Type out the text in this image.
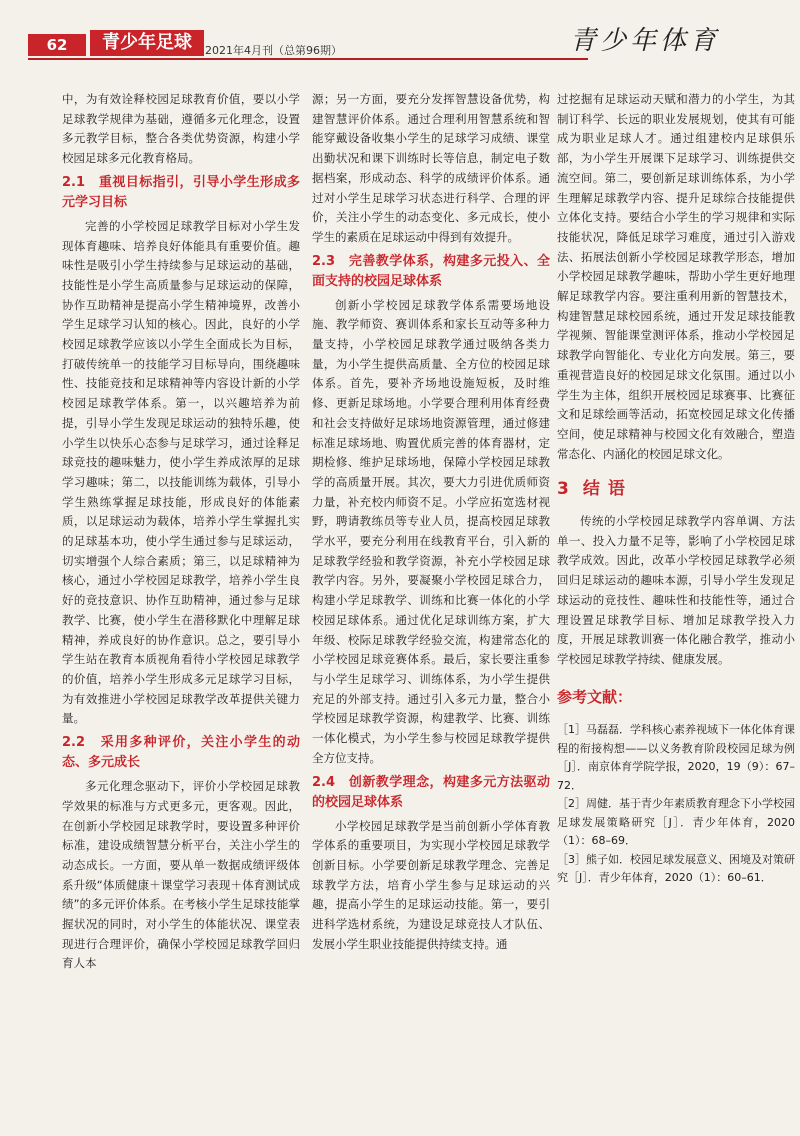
62	青少年足球	2021年4月刊（总第96期）	青少年体育

中，为有效诠释校园足球教育价值，要以小学足球教学规律为基础，遵循多元化理念，设置多元教学目标，整合各类优势资源，构建小学校园足球多元化教育格局。

2.1　重视目标指引，引导小学生形成多元学习目标

完善的小学校园足球教学目标对小学生发现体育趣味、培养良好体能具有重要价值。趣味性是吸引小学生持续参与足球运动的基础，技能性是小学生高质量参与足球运动的保障，协作互助精神是提高小学生精神境界，改善小学生足球学习认知的核心。因此，良好的小学校园足球教学应该以小学生全面成长为目标，打破传统单一的技能学习目标导向，围绕趣味性、技能竞技和足球精神等内容设计新的小学校园足球教学体系。第一，以兴趣培养为前提，引导小学生发现足球运动的独特乐趣，使小学生以快乐心态参与足球学习，通过诠释足球竞技的趣味魅力，使小学生养成浓厚的足球学习趣味；第二，以技能训练为载体，引导小学生熟练掌握足球技能，形成良好的体能素质，以足球运动为载体，培养小学生掌握扎实的足球基本功，使小学生通过参与足球运动，切实增强个人综合素质；第三，以足球精神为核心，通过小学校园足球教学，培养小学生良好的竞技意识、协作互助精神，通过参与足球教学、比赛，使小学生在潜移默化中理解足球精神，养成良好的协作意识。总之，要引导小学生站在教育本质视角看待小学校园足球教学的价值，培养小学生形成多元足球学习目标，为有效推进小学校园足球教学改革提供关键力量。

2.2　采用多种评价，关注小学生的动态、多元成长

多元化理念驱动下，评价小学校园足球教学效果的标准与方式更多元，更客观。因此，在创新小学校园足球教学时，要设置多种评价标准，建设成绩智慧分析平台，关注小学生的动态成长。一方面，要从单一数据成绩评级体系升级“体质健康＋课堂学习表现＋体育测试成绩”的多元评价体系。在考核小学生足球技能掌握状况的同时，对小学生的体能状况、课堂表现进行合理评价，确保小学校园足球教学回归育人本

源；另一方面，要充分发挥智慧设备优势，构建智慧评价体系。通过合理利用智慧系统和智能穿戴设备收集小学生的足球学习成绩、课堂出勤状况和课下训练时长等信息，制定电子数据档案，形成动态、科学的成绩评价体系。通过对小学生足球学习状态进行科学、合理的评价，关注小学生的动态变化、多元成长，使小学生的素质在足球运动中得到有效提升。

2.3　完善教学体系，构建多元投入、全面支持的校园足球体系

创新小学校园足球教学体系需要场地设施、教学师资、赛训体系和家长互动等多种力量支持，小学校园足球教学通过吸纳各类力量，为小学生提供高质量、全方位的校园足球体系。首先，要补齐场地设施短板，及时维修、更新足球场地。小学要合理利用体育经费和社会支持做好足球场地资源管理，通过修建标准足球场地、购置优质完善的体育器材，定期检修、维护足球场地，保障小学校园足球教学的高质量开展。其次，要大力引进优质师资力量，补充校内师资不足。小学应拓宽选材视野，聘请教练员等专业人员，提高校园足球教学水平，要充分利用在线教育平台，引入新的足球教学经验和教学资源，补充小学校园足球教学内容。另外，要凝聚小学校园足球合力，构建小学足球教学、训练和比赛一体化的小学校园足球体系。通过优化足球训练方案，扩大年级、校际足球教学经验交流，构建常态化的小学校园足球竞赛体系。最后，家长要注重参与小学生足球学习、训练体系，为小学生提供充足的外部支持。通过引入多元力量，整合小学校园足球教学资源，构建教学、比赛、训练一体化模式，为小学生参与校园足球教学提供全方位支持。

2.4　创新教学理念，构建多元方法驱动的校园足球体系

小学校园足球教学是当前创新小学体育教学体系的重要项目，为实现小学校园足球教学创新目标。小学要创新足球教学理念、完善足球教学方法，培育小学生参与足球运动的兴趣，提高小学生的足球运动技能。第一，要引进科学选材系统，为建设足球竞技人才队伍、发展小学生职业技能提供持续支持。通

过挖掘有足球运动天赋和潜力的小学生，为其制订科学、长远的职业发展规划，使其有可能成为职业足球人才。通过组建校内足球俱乐部，为小学生开展课下足球学习、训练提供交流空间。第二，要创新足球训练体系，为小学生理解足球教学内容、提升足球综合技能提供立体化支持。要结合小学生的学习规律和实际技能状况，降低足球学习难度，通过引入游戏法、拓展法创新小学校园足球教学形态，增加小学校园足球教学趣味，帮助小学生更好地理解足球教学内容。要注重利用新的智慧技术，构建智慧足球校园系统，通过开发足球技能教学视频、智能课堂测评体系，推动小学校园足球教学向智能化、专业化方向发展。第三，要重视营造良好的校园足球文化氛围。通过以小学生为主体，组织开展校园足球赛事、比赛征文和足球绘画等活动，拓宽校园足球文化传播空间，使足球精神与校园文化有效融合，塑造常态化、内涵化的校园足球文化。

3 结语

传统的小学校园足球教学内容单调、方法单一、投入力量不足等，影响了小学校园足球教学成效。因此，改革小学校园足球教学必须回归足球运动的趣味本源，引导小学生发现足球运动的竞技性、趣味性和技能性等，通过合理设置足球教学目标、增加足球教学投入力度，开展足球教训赛一体化融合教学，推动小学校园足球教学持续、健康发展。

参考文献：

［1］马磊磊．学科核心素养视域下一体化体育课程的衔接构想——以义务教育阶段校园足球为例［J］．南京体育学院学报，2020，19（9）：67–72．

［2］周健．基于青少年素质教育理念下小学校园足球发展策略研究［J］．青少年体育，2020（1）：68–69．

［3］熊子如．校园足球发展意义、困境及对策研究［J］．青少年体育，2020（1）：60–61．
